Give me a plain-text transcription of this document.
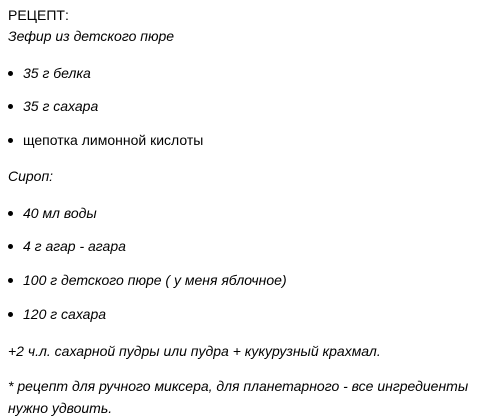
РЕЦЕПТ:
Зефир из детского пюре
35 г белка
35 г сахара
щепотка лимонной кислоты
Сироп:
40 мл воды
4 г агар - агара
100 г детского пюре ( у меня яблочное)
120 г сахара
+2 ч.л. сахарной пудры или пудра + кукурузный крахмал.
* рецепт для ручного миксера, для планетарного - все ингредиенты нужно удвоить.
